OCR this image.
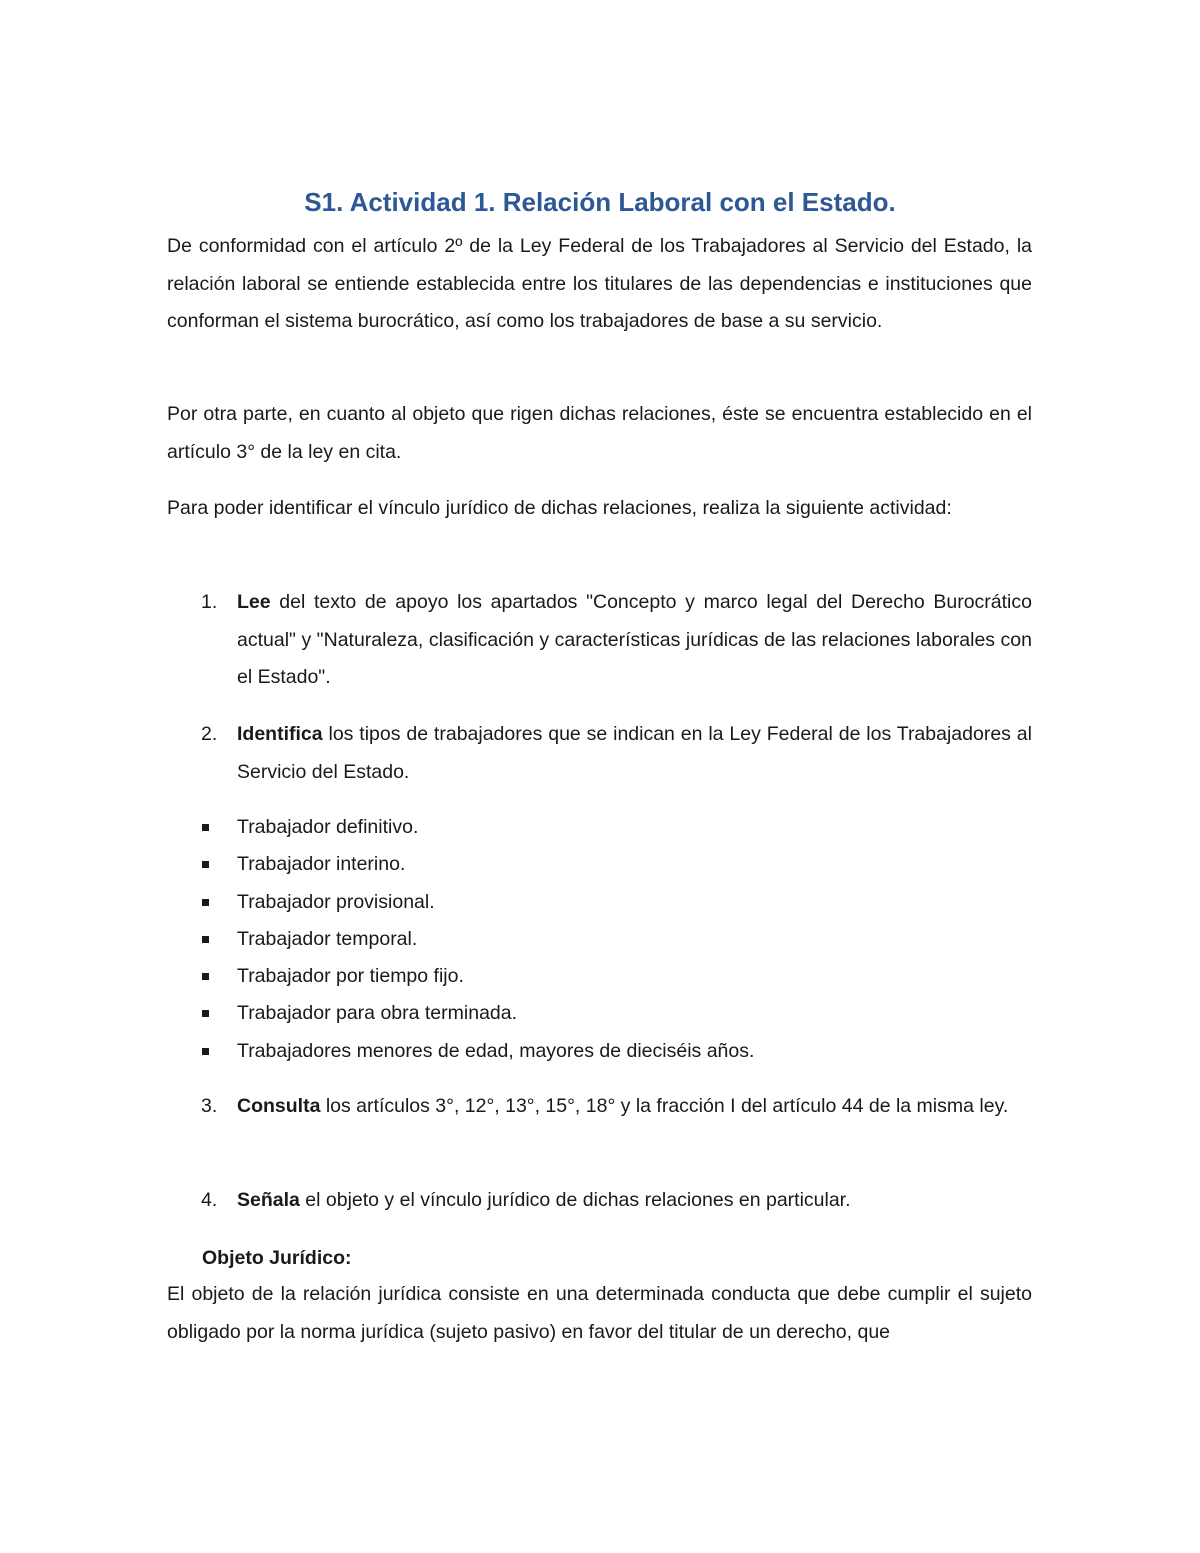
S1. Actividad 1. Relación Laboral con el Estado.

De conformidad con el artículo 2º de la Ley Federal de los Trabajadores al Servicio del Estado, la relación laboral se entiende establecida entre los titulares de las dependencias e instituciones que conforman el sistema burocrático, así como los trabajadores de base a su servicio.

Por otra parte, en cuanto al objeto que rigen dichas relaciones, éste se encuentra establecido en el artículo 3° de la ley en cita.

Para poder identificar el vínculo jurídico de dichas relaciones, realiza la siguiente actividad:

1. Lee del texto de apoyo los apartados "Concepto y marco legal del Derecho Burocrático actual" y "Naturaleza, clasificación y características jurídicas de las relaciones laborales con el Estado".
2. Identifica los tipos de trabajadores que se indican en la Ley Federal de los Trabajadores al Servicio del Estado.
Trabajador definitivo.
Trabajador interino.
Trabajador provisional.
Trabajador temporal.
Trabajador por tiempo fijo.
Trabajador para obra terminada.
Trabajadores menores de edad, mayores de dieciséis años.
3. Consulta los artículos 3°, 12°, 13°, 15°, 18° y la fracción I del artículo 44 de la misma ley.
4. Señala el objeto y el vínculo jurídico de dichas relaciones en particular.

Objeto Jurídico:

El objeto de la relación jurídica consiste en una determinada conducta que debe cumplir el sujeto obligado por la norma jurídica (sujeto pasivo) en favor del titular de un derecho, que
